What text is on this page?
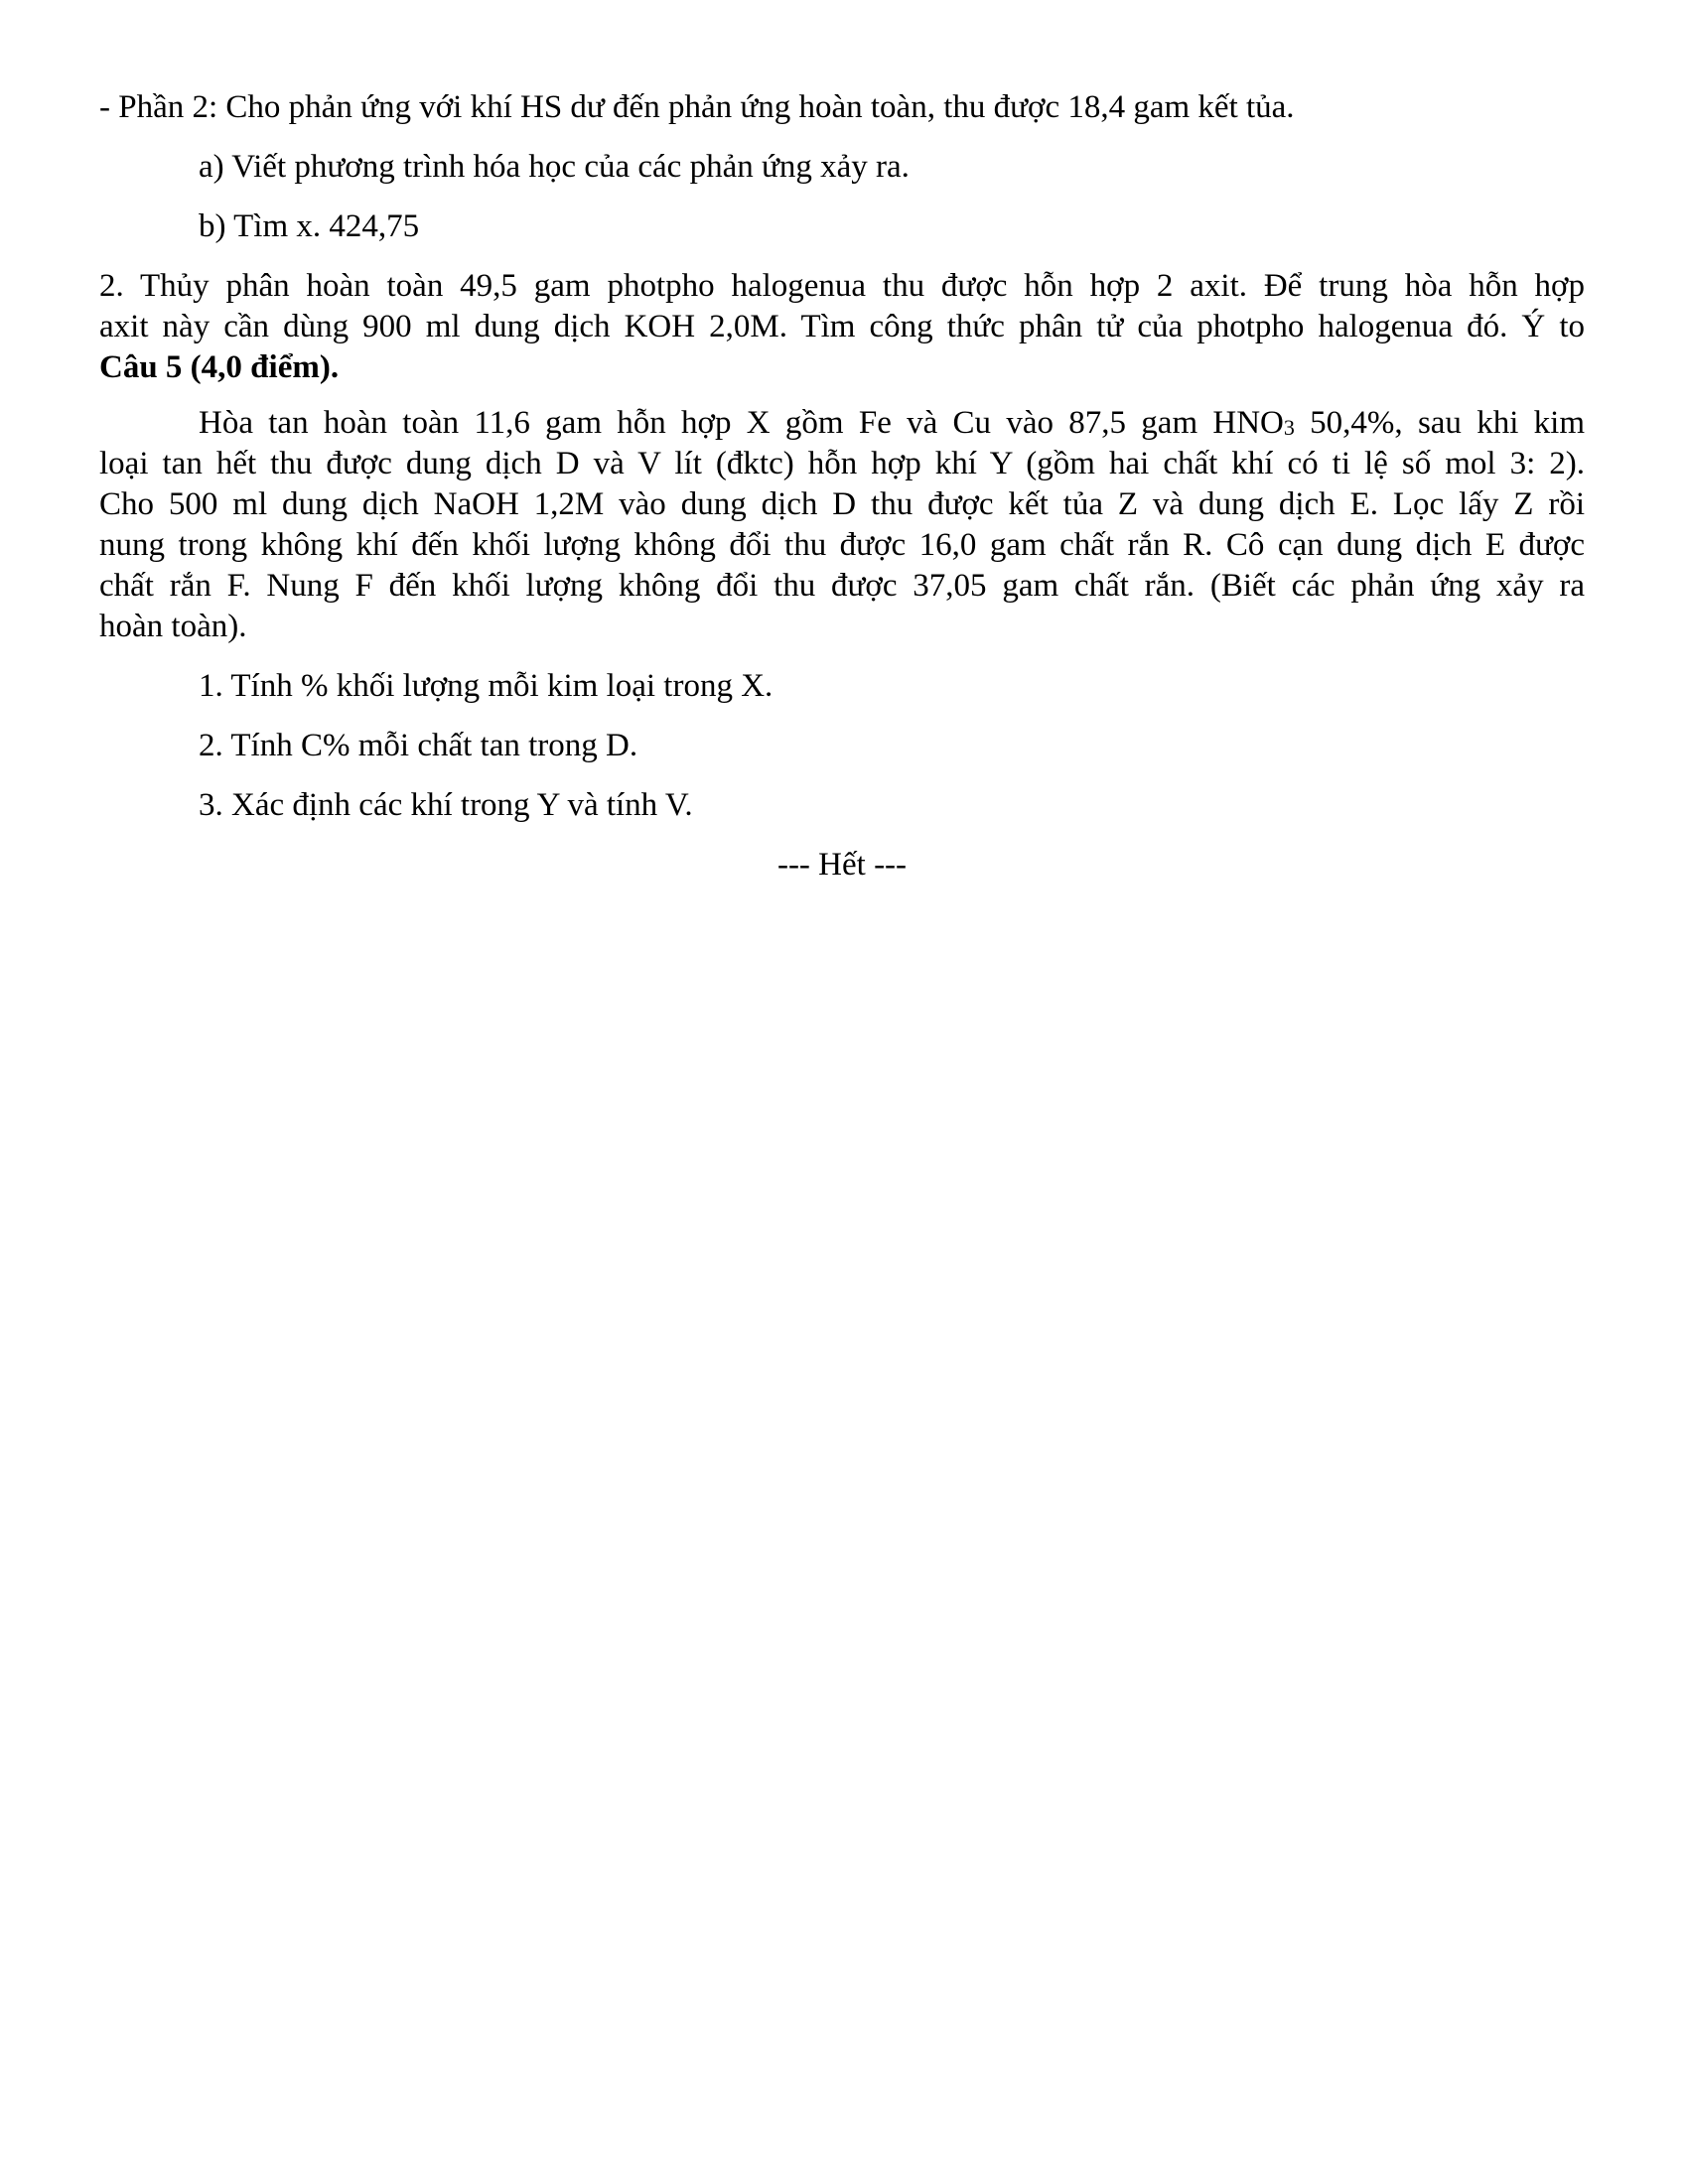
- Phần 2: Cho phản ứng với khí HS dư đến phản ứng hoàn toàn, thu được 18,4 gam kết tủa.

a) Viết phương trình hóa học của các phản ứng xảy ra.

b) Tìm x. 424,75

2. Thủy phân hoàn toàn 49,5 gam photpho halogenua thu được hỗn hợp 2 axit. Để trung hòa hỗn hợp

axit này cần dùng 900 ml dung dịch KOH 2,0M. Tìm công thức phân tử của photpho halogenua đó. Ý to

Câu 5 (4,0 điểm).

Hòa tan hoàn toàn 11,6 gam hỗn hợp X gồm Fe và Cu vào 87,5 gam $HNO_3$ 50,4%, sau khi kim

loại tan hết thu được dung dịch D và V lít (đktc) hỗn hợp khí Y (gồm hai chất khí có ti lệ số mol 3: 2).

Cho 500 ml dung dịch NaOH 1,2M vào dung dịch D thu được kết tủa Z và dung dịch E. Lọc lấy Z rồi

nung trong không khí đến khối lượng không đổi thu được 16,0 gam chất rắn R. Cô cạn dung dịch E được

chất rắn F. Nung F đến khối lượng không đổi thu được 37,05 gam chất rắn. (Biết các phản ứng xảy ra

hoàn toàn).

1. Tính % khối lượng mỗi kim loại trong X.

2. Tính C% mỗi chất tan trong D.

3. Xác định các khí trong Y và tính V.

--- Hết ---
